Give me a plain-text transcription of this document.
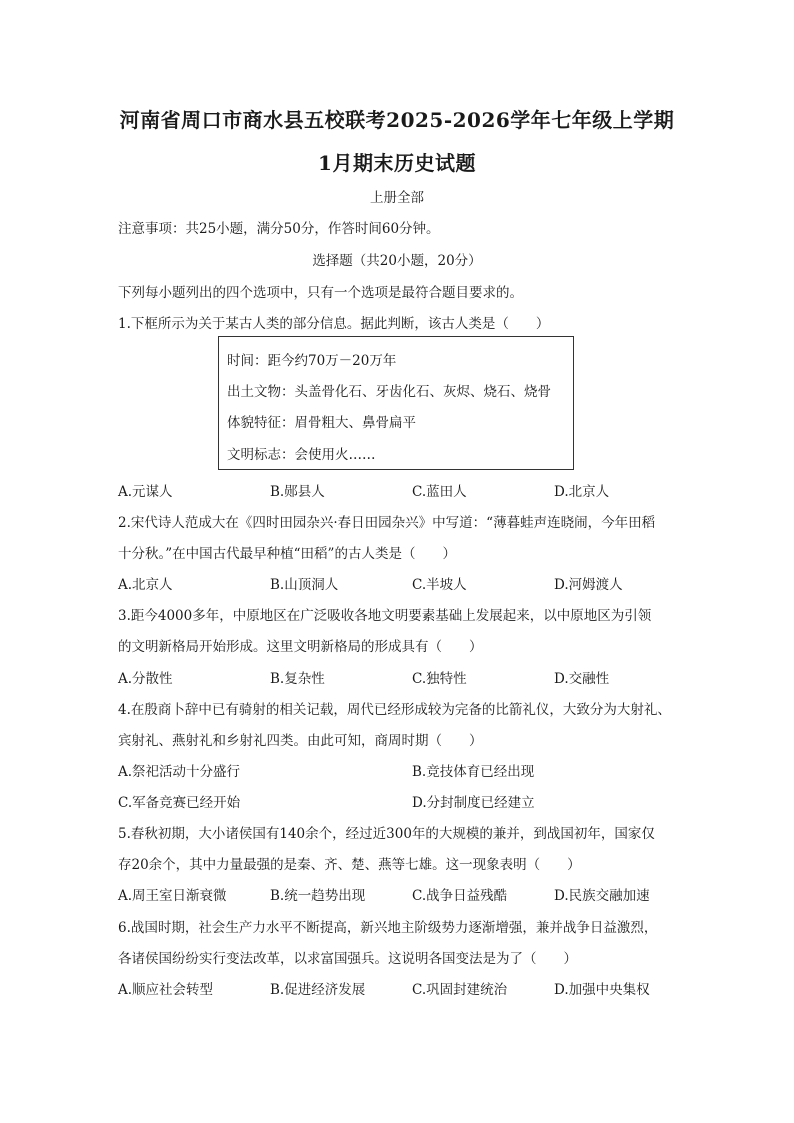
河南省周口市商水县五校联考2025-2026学年七年级上学期
1月期末历史试题
上册全部
注意事项：共25小题，满分50分，作答时间60分钟。
选择题（共20小题，20分）
下列每小题列出的四个选项中，只有一个选项是最符合题目要求的。
1.下框所示为关于某古人类的部分信息。据此判断，该古人类是（　　）
时间：距今约70万－20万年
出土文物：头盖骨化石、牙齿化石、灰烬、烧石、烧骨
体貌特征：眉骨粗大、鼻骨扁平
文明标志：会使用火……
A.元谋人	B.郧县人	C.蓝田人	D.北京人
2.宋代诗人范成大在《四时田园杂兴·春日田园杂兴》中写道：“薄暮蛙声连晓闹，今年田稻
十分秋。”在中国古代最早种植“田稻”的古人类是（　　）
A.北京人	B.山顶洞人	C.半坡人	D.河姆渡人
3.距今4000多年，中原地区在广泛吸收各地文明要素基础上发展起来，以中原地区为引领
的文明新格局开始形成。这里文明新格局的形成具有（　　）
A.分散性	B.复杂性	C.独特性	D.交融性
4.在殷商卜辞中已有骑射的相关记载，周代已经形成较为完备的比箭礼仪，大致分为大射礼、
宾射礼、燕射礼和乡射礼四类。由此可知，商周时期（　　）
A.祭祀活动十分盛行	B.竞技体育已经出现
C.军备竞赛已经开始	D.分封制度已经建立
5.春秋初期，大小诸侯国有140余个，经过近300年的大规模的兼并，到战国初年，国家仅
存20余个，其中力量最强的是秦、齐、楚、燕等七雄。这一现象表明（　　）
A.周王室日渐衰微	B.统一趋势出现	C.战争日益残酷	D.民族交融加速
6.战国时期，社会生产力水平不断提高，新兴地主阶级势力逐渐增强，兼并战争日益激烈，
各诸侯国纷纷实行变法改革，以求富国强兵。这说明各国变法是为了（　　）
A.顺应社会转型	B.促进经济发展	C.巩固封建统治	D.加强中央集权
